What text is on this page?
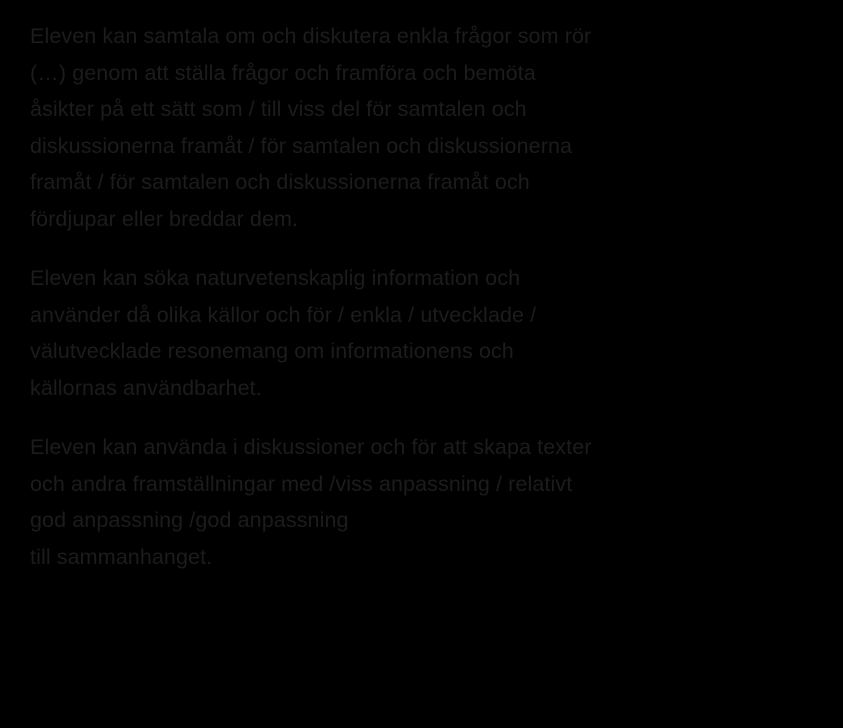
Eleven kan samtala om och diskutera enkla frågor som rör
(…) genom att ställa frågor och framföra och bemöta
åsikter på ett sätt som / till viss del för samtalen och
diskussionerna framåt / för samtalen och diskussionerna
framåt / för samtalen och diskussionerna framåt och
fördjupar eller breddar dem.

Eleven kan söka naturvetenskaplig information och
använder då olika källor och för / enkla / utvecklade /
välutvecklade resonemang om informationens och
källornas användbarhet.

Eleven kan använda i diskussioner och för att skapa texter
och andra framställningar med /viss anpassning / relativt
god anpassning /god anpassning
till sammanhanget.
